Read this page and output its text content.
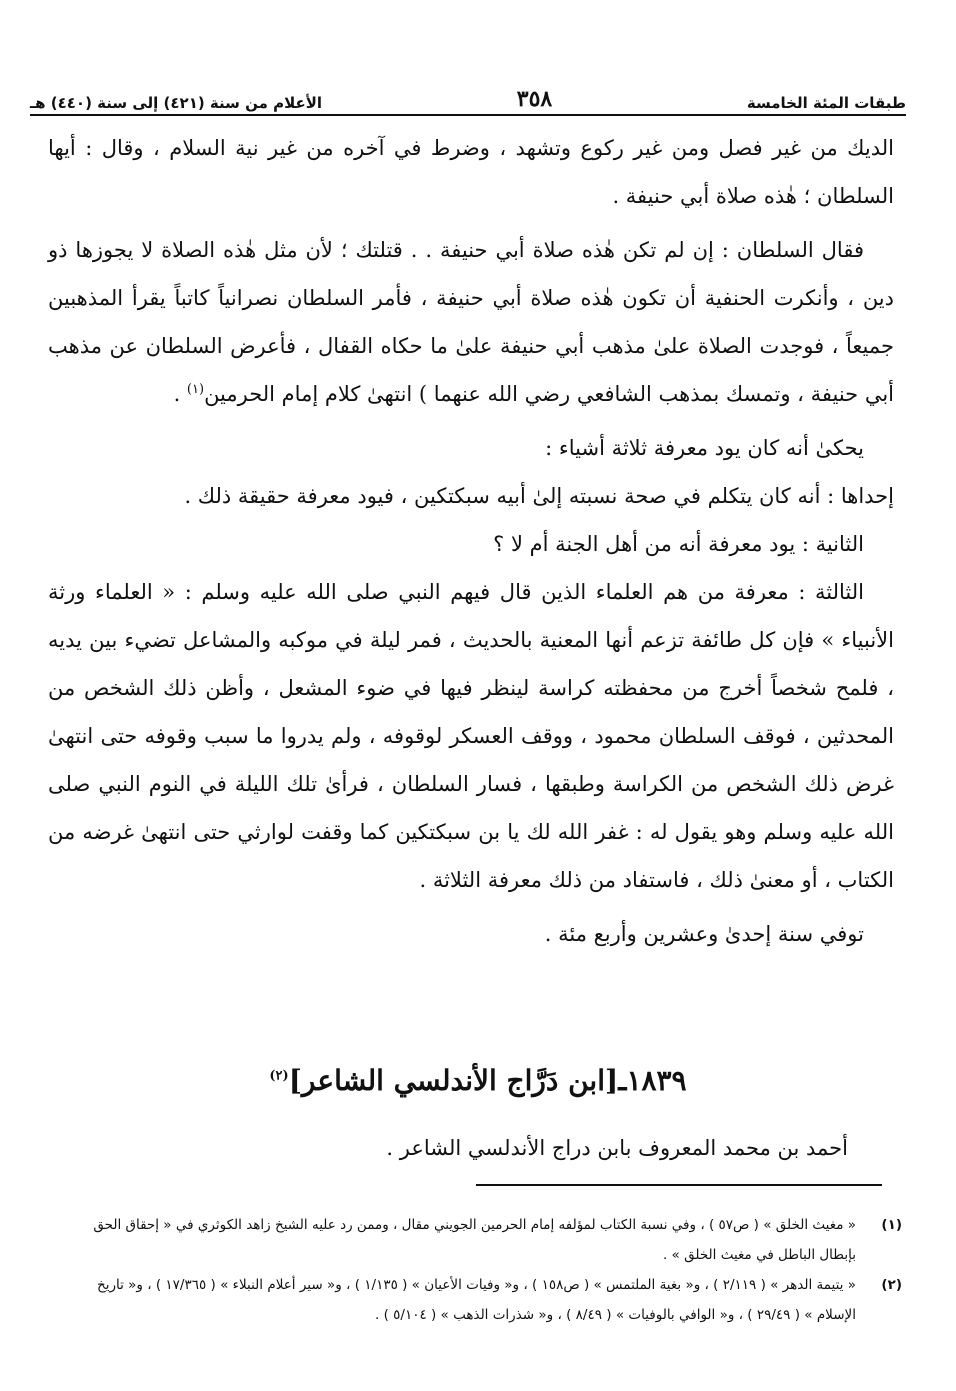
طبقات المئة الخامسة
٣٥٨
الأعلام من سنة (٤٢١) إلى سنة (٤٤٠) هـ

الديك من غير فصل ومن غير ركوع وتشهد ، وضرط في آخره من غير نية السلام ، وقال : أيها السلطان ؛ هٰذه صلاة أبي حنيفة .

فقال السلطان : إن لم تكن هٰذه صلاة أبي حنيفة . . قتلتك ؛ لأن مثل هٰذه الصلاة لا يجوزها ذو دين ، وأنكرت الحنفية أن تكون هٰذه صلاة أبي حنيفة ، فأمر السلطان نصرانياً كاتباً يقرأ المذهبين جميعاً ، فوجدت الصلاة علىٰ مذهب أبي حنيفة علىٰ ما حكاه القفال ، فأعرض السلطان عن مذهب أبي حنيفة ، وتمسك بمذهب الشافعي رضي الله عنهما ) انتهىٰ كلام إمام الحرمين$^{(١)}$ .

يحكىٰ أنه كان يود معرفة ثلاثة أشياء :

إحداها : أنه كان يتكلم في صحة نسبته إلىٰ أبيه سبكتكين ، فيود معرفة حقيقة ذلك .

الثانية : يود معرفة أنه من أهل الجنة أم لا ؟

الثالثة : معرفة من هم العلماء الذين قال فيهم النبي صلى الله عليه وسلم : « العلماء ورثة الأنبياء » فإن كل طائفة تزعم أنها المعنية بالحديث ، فمر ليلة في موكبه والمشاعل تضيء بين يديه ، فلمح شخصاً أخرج من محفظته كراسة لينظر فيها في ضوء المشعل ، وأظن ذلك الشخص من المحدثين ، فوقف السلطان محمود ، ووقف العسكر لوقوفه ، ولم يدروا ما سبب وقوفه حتى انتهىٰ غرض ذلك الشخص من الكراسة وطبقها ، فسار السلطان ، فرأىٰ تلك الليلة في النوم النبي صلى الله عليه وسلم وهو يقول له : غفر الله لك يا بن سبكتكين كما وقفت لوارثي حتى انتهىٰ غرضه من الكتاب ، أو معنىٰ ذلك ، فاستفاد من ذلك معرفة الثلاثة .

توفي سنة إحدىٰ وعشرين وأربع مئة .

١٨٣٩ـ[ابن دَرَّاج الأندلسي الشاعر]$^{(٢)}$
أحمد بن محمد المعروف بابن دراج الأندلسي الشاعر .
(١)
« مغيث الخلق » ( ص٥٧ ) ، وفي نسبة الكتاب لمؤلفه إمام الحرمين الجويني مقال ، وممن رد عليه الشيخ زاهد الكوثري في « إحقاق الحق بإبطال الباطل في مغيث الخلق » .
(٢)
« يتيمة الدهر » ( ٢/١١٩ ) ، و« بغية الملتمس » ( ص١٥٨ ) ، و« وفيات الأعيان » ( ١/١٣٥ ) ، و« سير أعلام النبلاء » ( ١٧/٣٦٥ ) ، و« تاريخ الإسلام » ( ٢٩/٤٩ ) ، و« الوافي بالوفيات » ( ٨/٤٩ ) ، و« شذرات الذهب » ( ٥/١٠٤ ) .
